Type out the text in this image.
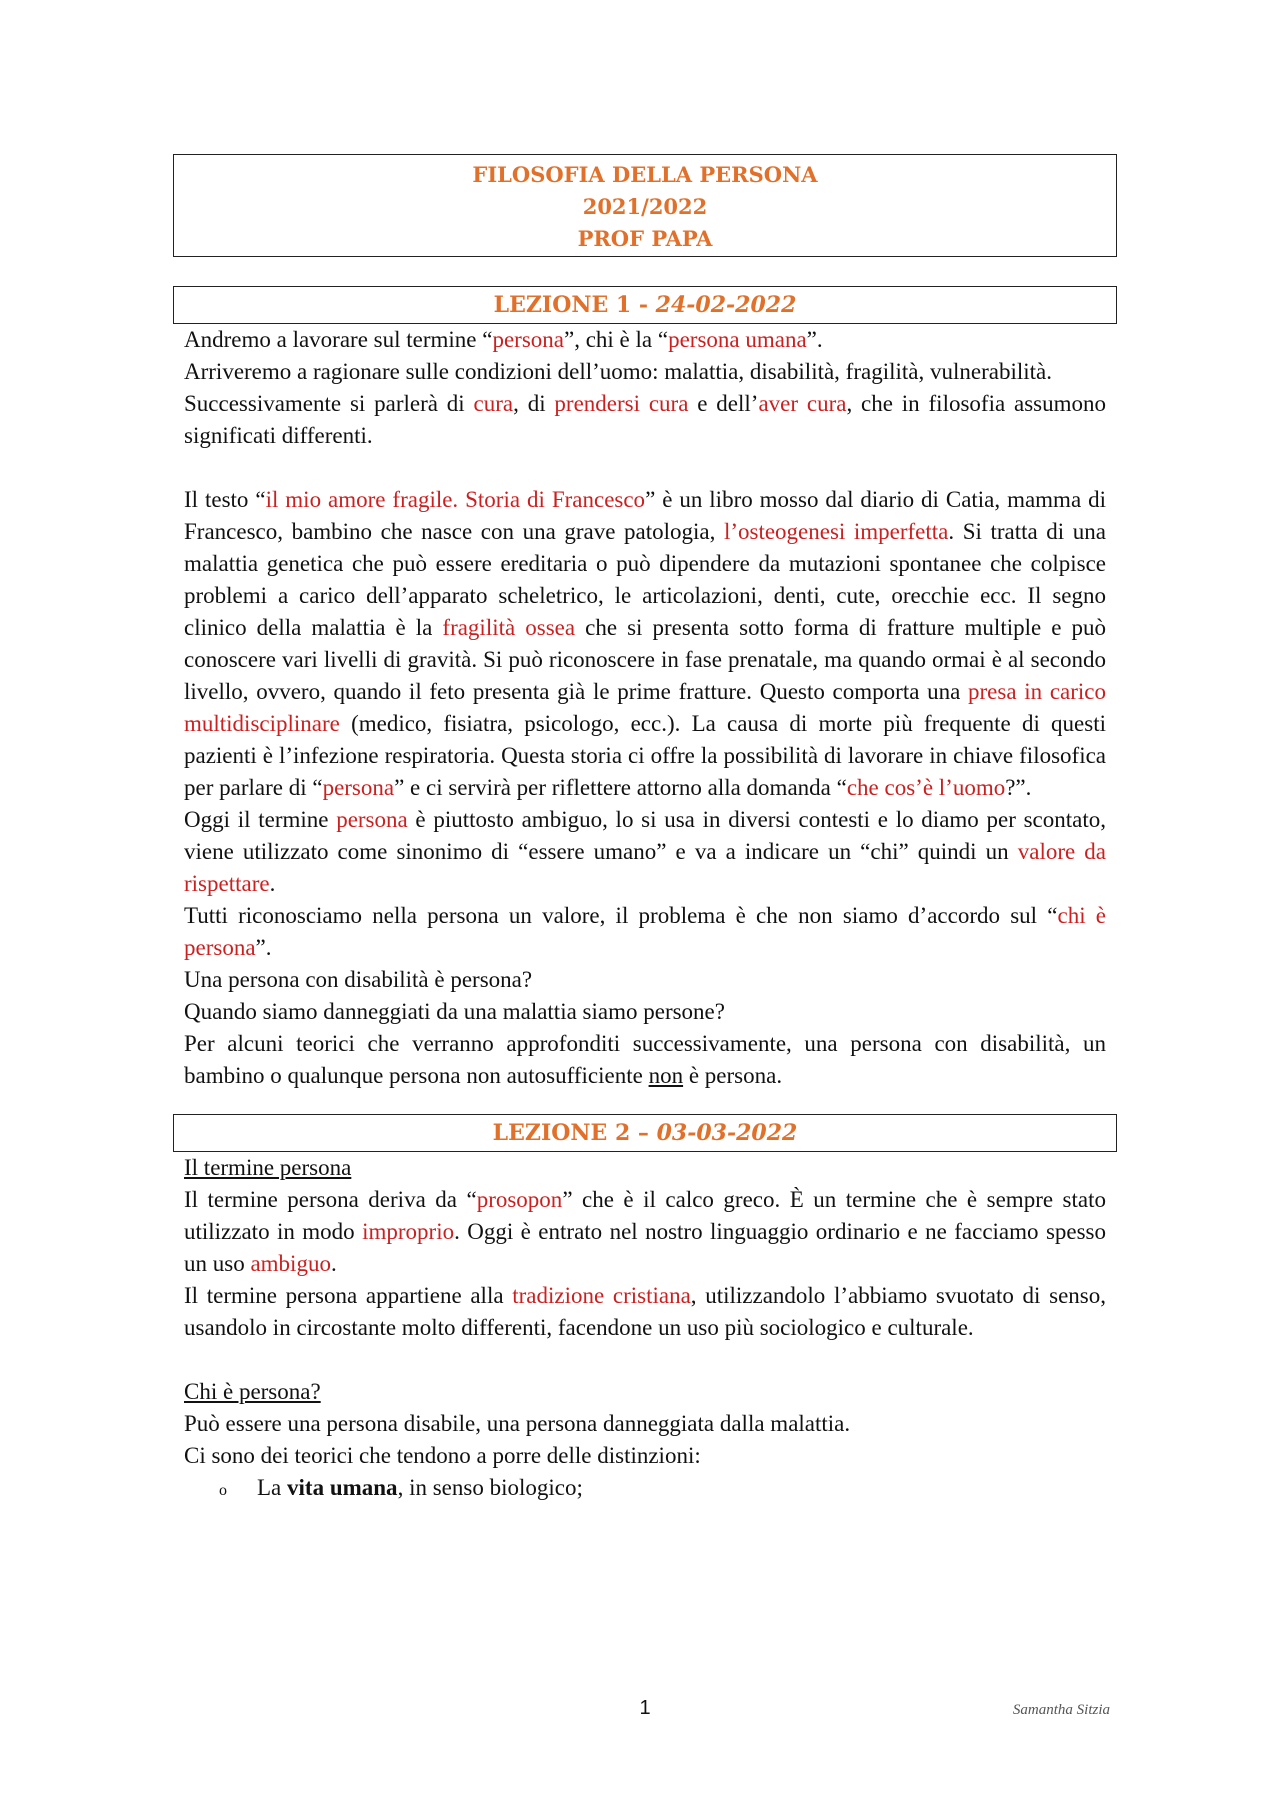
FILOSOFIA DELLA PERSONA
2021/2022
PROF PAPA
LEZIONE 1 - 24-02-2022
Andremo a lavorare sul termine “persona”, chi è la “persona umana”.
Arriveremo a ragionare sulle condizioni dell’uomo: malattia, disabilità, fragilità, vulnerabilità.
Successivamente si parlerà di cura, di prendersi cura e dell’aver cura, che in filosofia assumono significati differenti.
Il testo “il mio amore fragile. Storia di Francesco” è un libro mosso dal diario di Catia, mamma di Francesco, bambino che nasce con una grave patologia, l’osteogenesi imperfetta. Si tratta di una malattia genetica che può essere ereditaria o può dipendere da mutazioni spontanee che colpisce problemi a carico dell’apparato scheletrico, le articolazioni, denti, cute, orecchie ecc. Il segno clinico della malattia è la fragilità ossea che si presenta sotto forma di fratture multiple e può conoscere vari livelli di gravità. Si può riconoscere in fase prenatale, ma quando ormai è al secondo livello, ovvero, quando il feto presenta già le prime fratture. Questo comporta una presa in carico multidisciplinare (medico, fisiatra, psicologo, ecc.). La causa di morte più frequente di questi pazienti è l’infezione respiratoria. Questa storia ci offre la possibilità di lavorare in chiave filosofica per parlare di “persona” e ci servirà per riflettere attorno alla domanda “che cos’è l’uomo?”.
Oggi il termine persona è piuttosto ambiguo, lo si usa in diversi contesti e lo diamo per scontato, viene utilizzato come sinonimo di “essere umano” e va a indicare un “chi” quindi un valore da rispettare.
Tutti riconosciamo nella persona un valore, il problema è che non siamo d’accordo sul “chi è persona”.
Una persona con disabilità è persona?
Quando siamo danneggiati da una malattia siamo persone?
Per alcuni teorici che verranno approfonditi successivamente, una persona con disabilità, un bambino o qualunque persona non autosufficiente non è persona.
LEZIONE 2 – 03-03-2022
Il termine persona
Il termine persona deriva da “prosopon” che è il calco greco. È un termine che è sempre stato utilizzato in modo improprio. Oggi è entrato nel nostro linguaggio ordinario e ne facciamo spesso un uso ambiguo.
Il termine persona appartiene alla tradizione cristiana, utilizzandolo l’abbiamo svuotato di senso, usandolo in circostante molto differenti, facendone un uso più sociologico e culturale.
Chi è persona?
Può essere una persona disabile, una persona danneggiata dalla malattia.
Ci sono dei teorici che tendono a porre delle distinzioni:
o La vita umana, in senso biologico;
1	Samantha Sitzia
